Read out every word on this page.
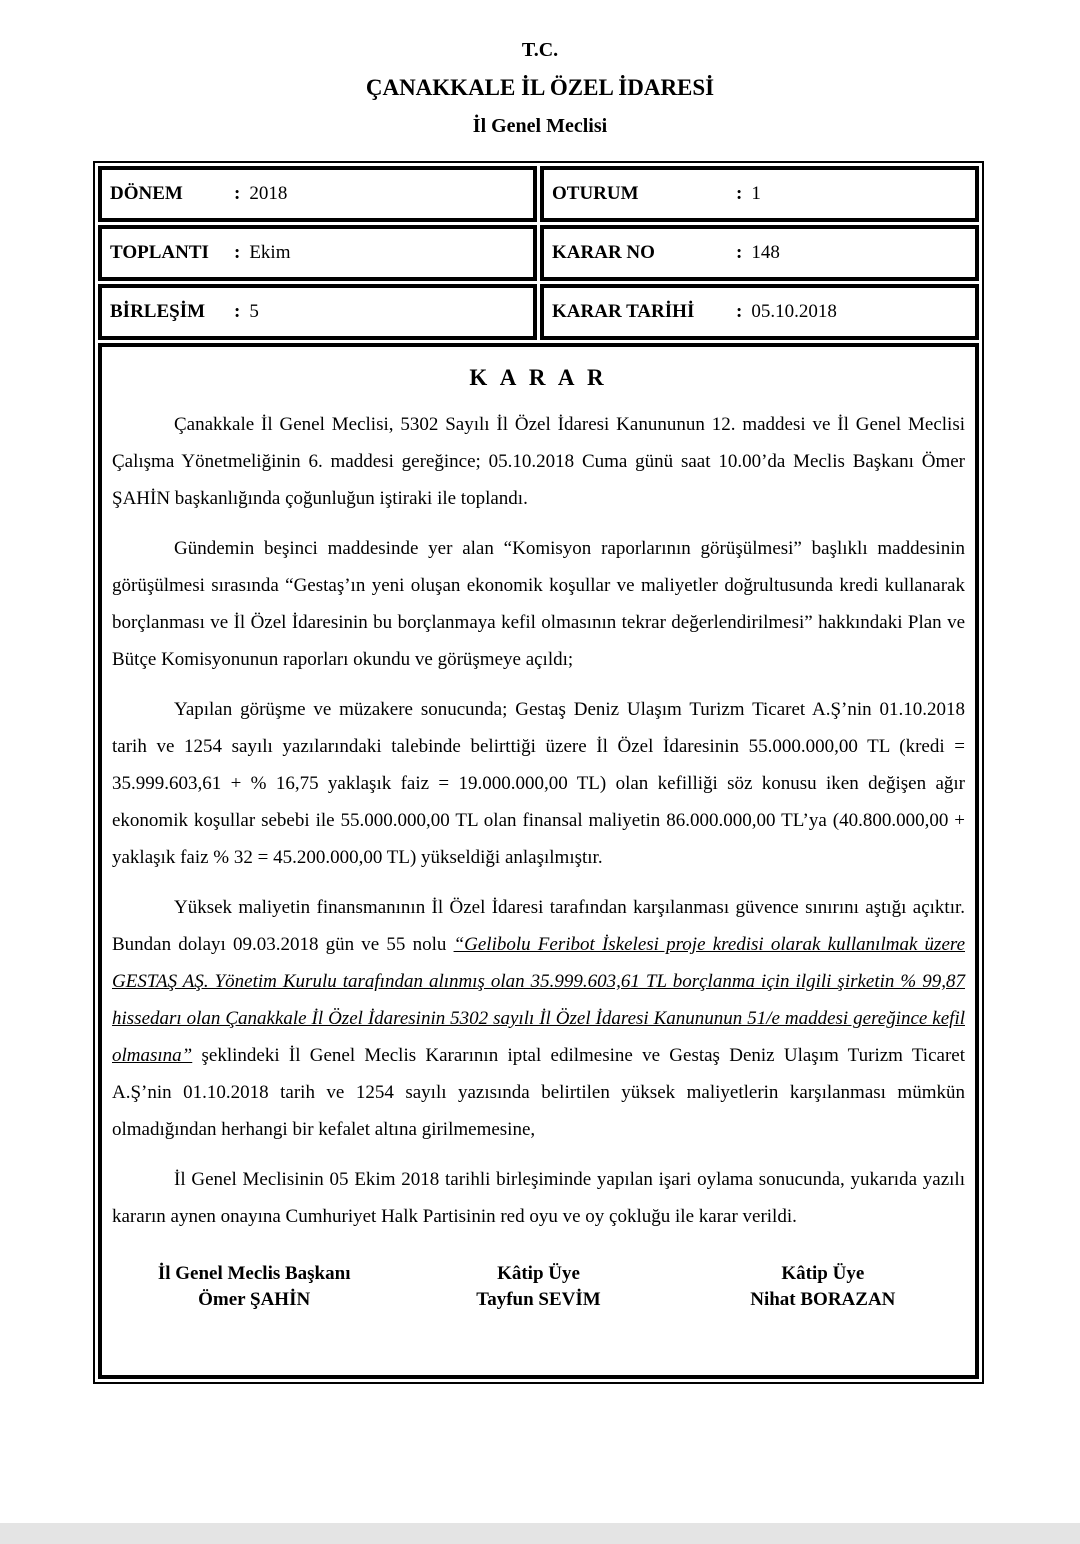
T.C.
ÇANAKKALE İL ÖZEL İDARESİ
İl Genel Meclisi
DÖNEM : 2018	OTURUM : 1
TOPLANTI : Ekim	KARAR NO : 148
BİRLEŞİM : 5	KARAR TARİHİ : 05.10.2018

K A R A R

Çanakkale İl Genel Meclisi, 5302 Sayılı İl Özel İdaresi Kanununun 12. maddesi ve İl Genel Meclisi Çalışma Yönetmeliğinin 6. maddesi gereğince; 05.10.2018 Cuma günü saat 10.00’da Meclis Başkanı Ömer ŞAHİN başkanlığında çoğunluğun iştiraki ile toplandı.

Gündemin beşinci maddesinde yer alan “Komisyon raporlarının görüşülmesi” başlıklı maddesinin görüşülmesi sırasında “Gestaş’ın yeni oluşan ekonomik koşullar ve maliyetler doğrultusunda kredi kullanarak borçlanması ve İl Özel İdaresinin bu borçlanmaya kefil olmasının tekrar değerlendirilmesi” hakkındaki Plan ve Bütçe Komisyonunun raporları okundu ve görüşmeye açıldı;

Yapılan görüşme ve müzakere sonucunda; Gestaş Deniz Ulaşım Turizm Ticaret A.Ş’nin 01.10.2018 tarih ve 1254 sayılı yazılarındaki talebinde belirttiği üzere İl Özel İdaresinin 55.000.000,00 TL (kredi = 35.999.603,61 + % 16,75 yaklaşık faiz = 19.000.000,00 TL) olan kefilliği söz konusu iken değişen ağır ekonomik koşullar sebebi ile 55.000.000,00 TL olan finansal maliyetin 86.000.000,00 TL’ya (40.800.000,00 + yaklaşık faiz % 32 = 45.200.000,00 TL) yükseldiği anlaşılmıştır.

Yüksek maliyetin finansmanının İl Özel İdaresi tarafından karşılanması güvence sınırını aştığı açıktır. Bundan dolayı 09.03.2018 gün ve 55 nolu “Gelibolu Feribot İskelesi proje kredisi olarak kullanılmak üzere GESTAŞ AŞ. Yönetim Kurulu tarafından alınmış olan 35.999.603,61 TL borçlanma için ilgili şirketin % 99,87 hissedarı olan Çanakkale İl Özel İdaresinin 5302 sayılı İl Özel İdaresi Kanununun 51/e maddesi gereğince kefil olmasına” şeklindeki İl Genel Meclis Kararının iptal edilmesine ve Gestaş Deniz Ulaşım Turizm Ticaret A.Ş’nin 01.10.2018 tarih ve 1254 sayılı yazısında belirtilen yüksek maliyetlerin karşılanması mümkün olmadığından herhangi bir kefalet altına girilmemesine,

İl Genel Meclisinin 05 Ekim 2018 tarihli birleşiminde yapılan işari oylama sonucunda, yukarıda yazılı kararın aynen onayına Cumhuriyet Halk Partisinin red oyu ve oy çokluğu ile karar verildi.

İl Genel Meclis Başkanı
Ömer ŞAHİN
Kâtip Üye
Tayfun SEVİM
Kâtip Üye
Nihat BORAZAN
